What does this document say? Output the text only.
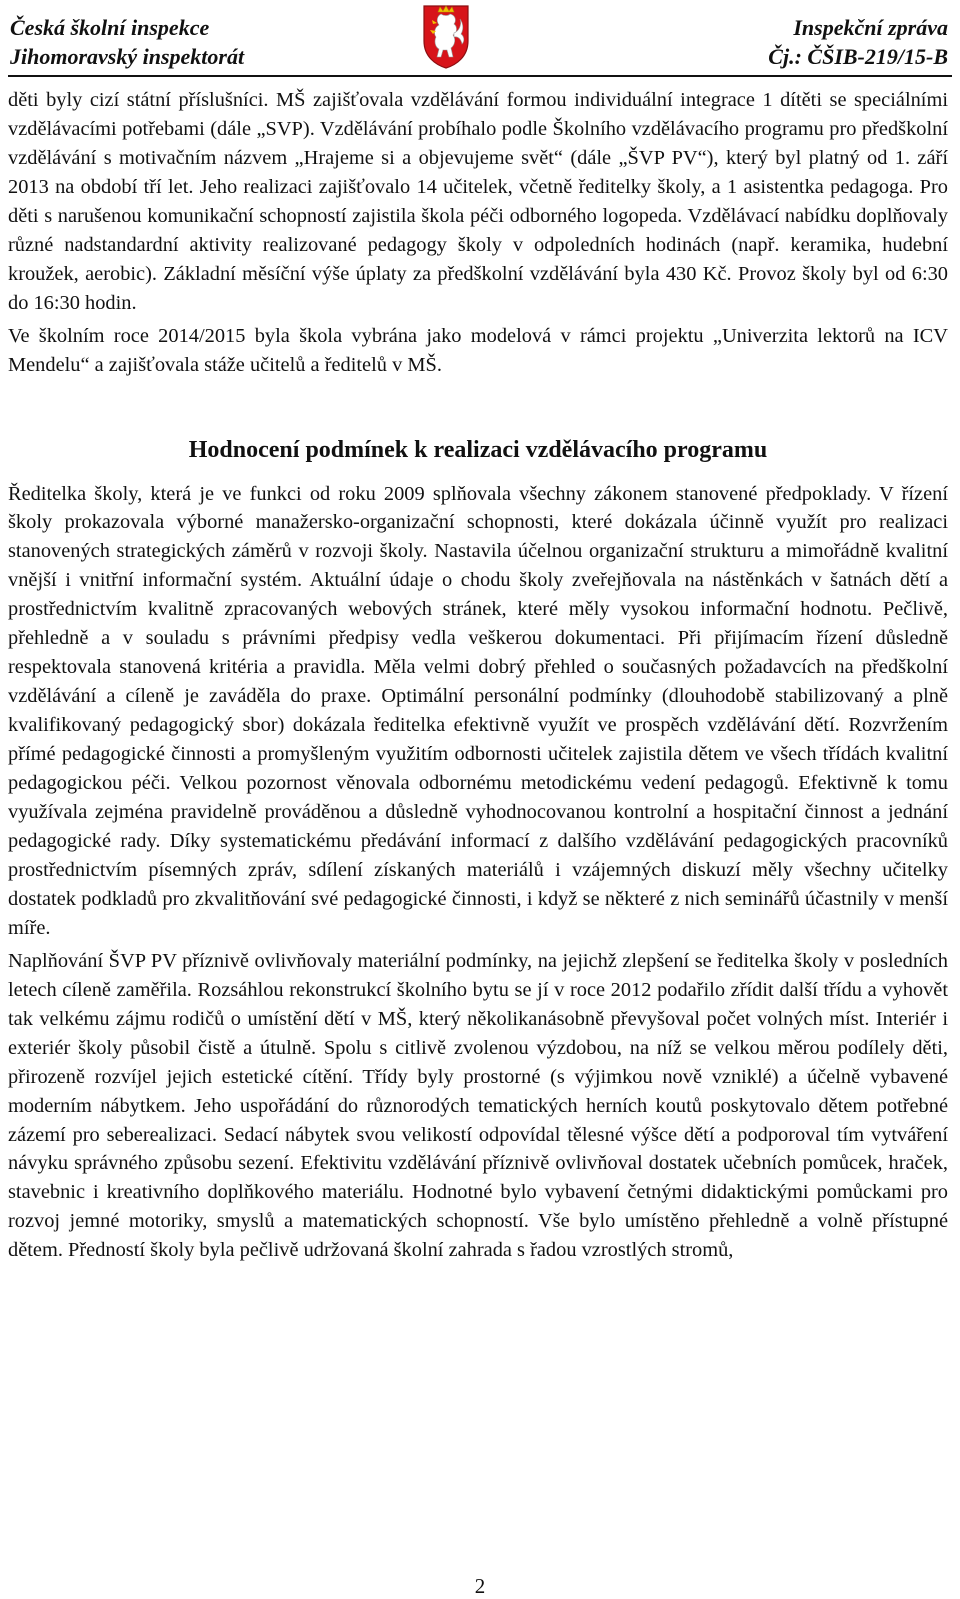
Česká školní inspekce
Jihomoravský inspektorát
Inspekční zpráva
Čj.: ČŠIB-219/15-B

děti byly cizí státní příslušníci. MŠ zajišťovala vzdělávání formou individuální integrace 1 dítěti se speciálními vzdělávacími potřebami (dále „SVP). Vzdělávání probíhalo podle Školního vzdělávacího programu pro předškolní vzdělávání s motivačním názvem „Hrajeme si a objevujeme svět“ (dále „ŠVP PV“), který byl platný od 1. září 2013 na období tří let. Jeho realizaci zajišťovalo 14 učitelek, včetně ředitelky školy, a 1 asistentka pedagoga. Pro děti s narušenou komunikační schopností zajistila škola péči odborného logopeda. Vzdělávací nabídku doplňovaly různé nadstandardní aktivity realizované pedagogy školy v odpoledních hodinách (např. keramika, hudební kroužek, aerobic). Základní měsíční výše úplaty za předškolní vzdělávání byla 430 Kč. Provoz školy byl od 6:30 do 16:30 hodin.

Ve školním roce 2014/2015 byla škola vybrána jako modelová v rámci projektu „Univerzita lektorů na ICV Mendelu“ a zajišťovala stáže učitelů a ředitelů v MŠ.

Hodnocení podmínek k realizaci vzdělávacího programu

Ředitelka školy, která je ve funkci od roku 2009 splňovala všechny zákonem stanovené předpoklady. V řízení školy prokazovala výborné manažersko-organizační schopnosti, které dokázala účinně využít pro realizaci stanovených strategických záměrů v rozvoji školy. Nastavila účelnou organizační strukturu a mimořádně kvalitní vnější i vnitřní informační systém. Aktuální údaje o chodu školy zveřejňovala na nástěnkách v šatnách dětí a prostřednictvím kvalitně zpracovaných webových stránek, které měly vysokou informační hodnotu. Pečlivě, přehledně a v souladu s právními předpisy vedla veškerou dokumentaci. Při přijímacím řízení důsledně respektovala stanovená kritéria a pravidla. Měla velmi dobrý přehled o současných požadavcích na předškolní vzdělávání a cíleně je zaváděla do praxe. Optimální personální podmínky (dlouhodobě stabilizovaný a plně kvalifikovaný pedagogický sbor) dokázala ředitelka efektivně využít ve prospěch vzdělávání dětí. Rozvržením přímé pedagogické činnosti a promyšleným využitím odbornosti učitelek zajistila dětem ve všech třídách kvalitní pedagogickou péči. Velkou pozornost věnovala odbornému metodickému vedení pedagogů. Efektivně k tomu využívala zejména pravidelně prováděnou a důsledně vyhodnocovanou kontrolní a hospitační činnost a jednání pedagogické rady. Díky systematickému předávání informací z dalšího vzdělávání pedagogických pracovníků prostřednictvím písemných zpráv, sdílení získaných materiálů i vzájemných diskuzí měly všechny učitelky dostatek podkladů pro zkvalitňování své pedagogické činnosti, i když se některé z nich seminářů účastnily v menší míře.

Naplňování ŠVP PV příznivě ovlivňovaly materiální podmínky, na jejichž zlepšení se ředitelka školy v posledních letech cíleně zaměřila. Rozsáhlou rekonstrukcí školního bytu se jí v roce 2012 podařilo zřídit další třídu a vyhovět tak velkému zájmu rodičů o umístění dětí v MŠ, který několikanásobně převyšoval počet volných míst. Interiér i exteriér školy působil čistě a útulně. Spolu s citlivě zvolenou výzdobou, na níž se velkou měrou podílely děti, přirozeně rozvíjel jejich estetické cítění. Třídy byly prostorné (s výjimkou nově vzniklé) a účelně vybavené moderním nábytkem. Jeho uspořádání do různorodých tematických herních koutů poskytovalo dětem potřebné zázemí pro seberealizaci. Sedací nábytek svou velikostí odpovídal tělesné výšce dětí a podporoval tím vytváření návyku správného způsobu sezení. Efektivitu vzdělávání příznivě ovlivňoval dostatek učebních pomůcek, hraček, stavebnic i kreativního doplňkového materiálu. Hodnotné bylo vybavení četnými didaktickými pomůckami pro rozvoj jemné motoriky, smyslů a matematických schopností. Vše bylo umístěno přehledně a volně přístupné dětem. Předností školy byla pečlivě udržovaná školní zahrada s řadou vzrostlých stromů,

2
